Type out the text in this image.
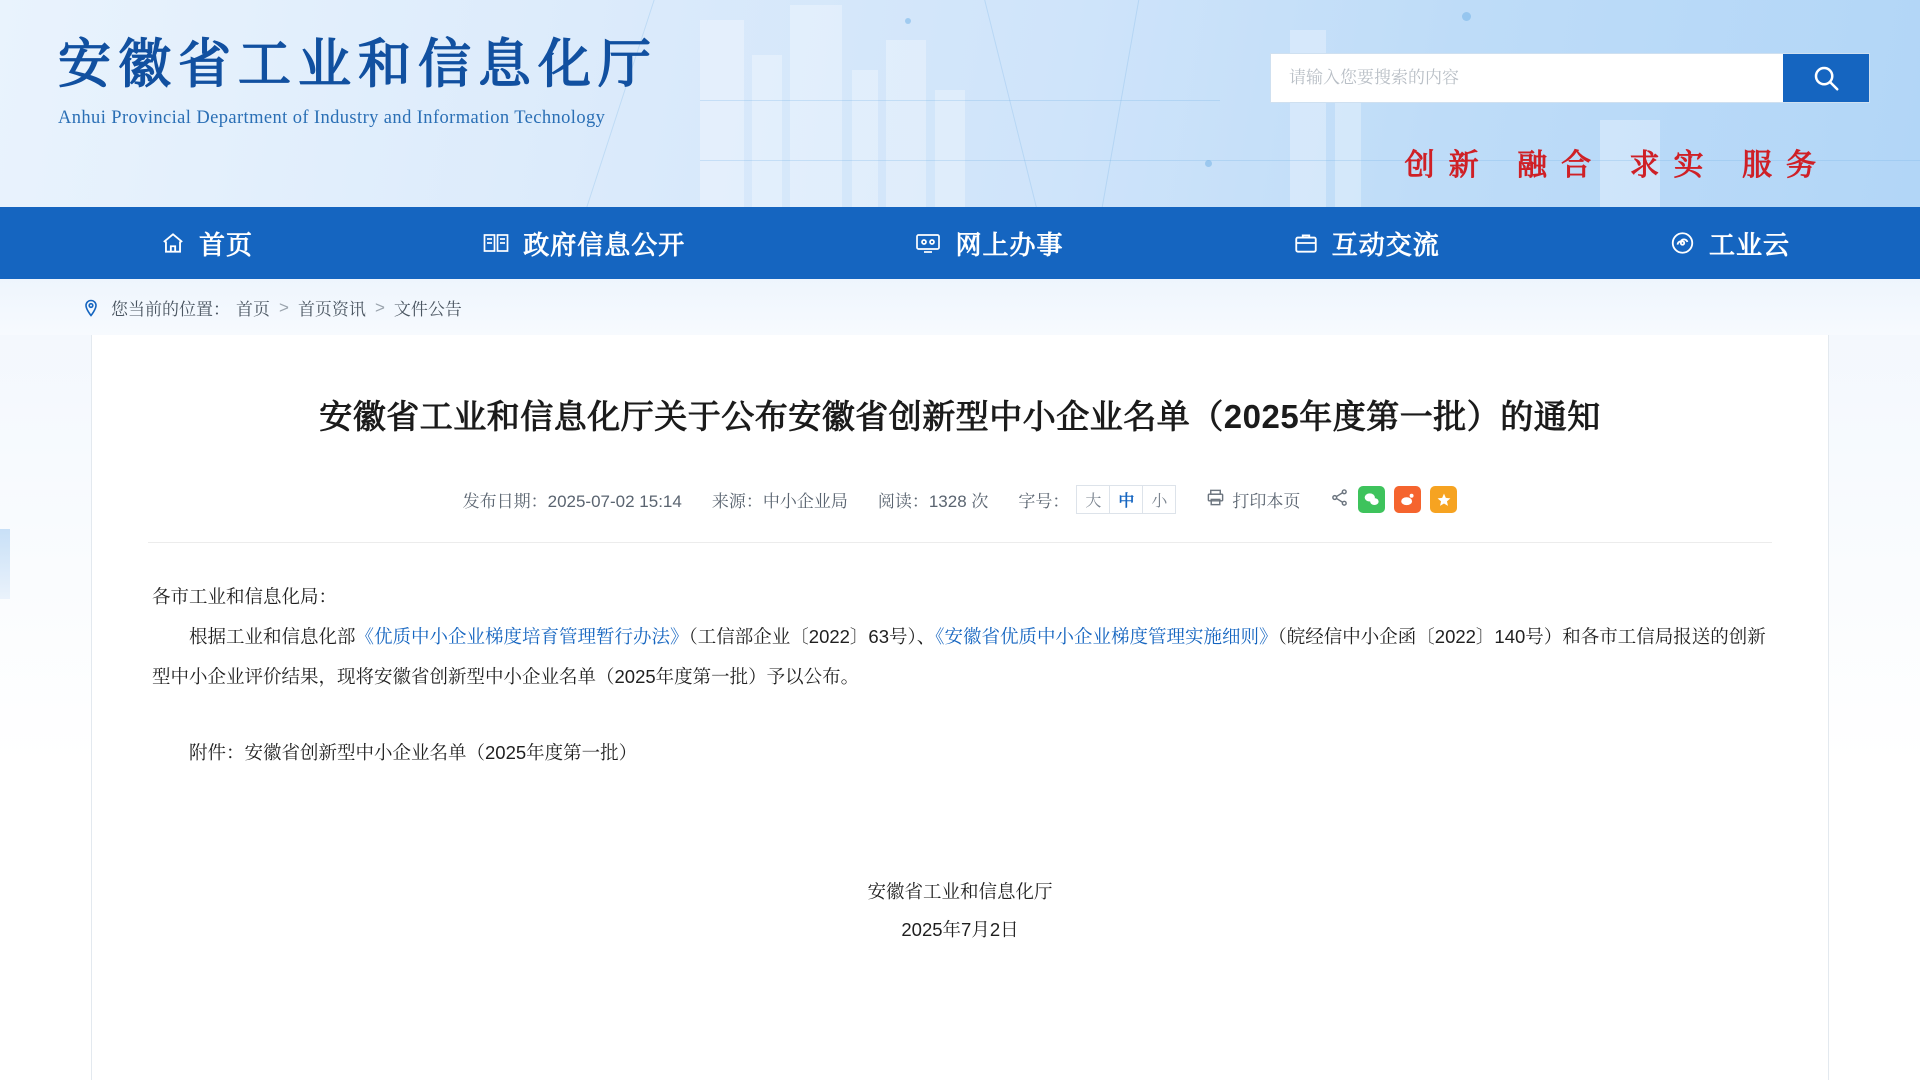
安徽省工业和信息化厅
Anhui Provincial Department of Industry and Information Technology
创新 融合 求实 服务
请输入您要搜索的内容
首页	政府信息公开	网上办事	互动交流	工业云
您当前的位置： 首页 > 首页资讯 > 文件公告
安徽省工业和信息化厅关于公布安徽省创新型中小企业名单（2025年度第一批）的通知
发布日期：2025-07-02 15:14 来源：中小企业局 阅读：1328 次 字号： 大	中	小	打印本页

各市工业和信息化局：

根据工业和信息化部《优质中小企业梯度培育管理暂行办法》（工信部企业〔2022〕63号）、《安徽省优质中小企业梯度管理实施细则》（皖经信中小企函〔2022〕140号）和各市工信局报送的创新型中小企业评价结果，现将安徽省创新型中小企业名单（2025年度第一批）予以公布。

附件：安徽省创新型中小企业名单（2025年度第一批）

安徽省工业和信息化厅
2025年7月2日
